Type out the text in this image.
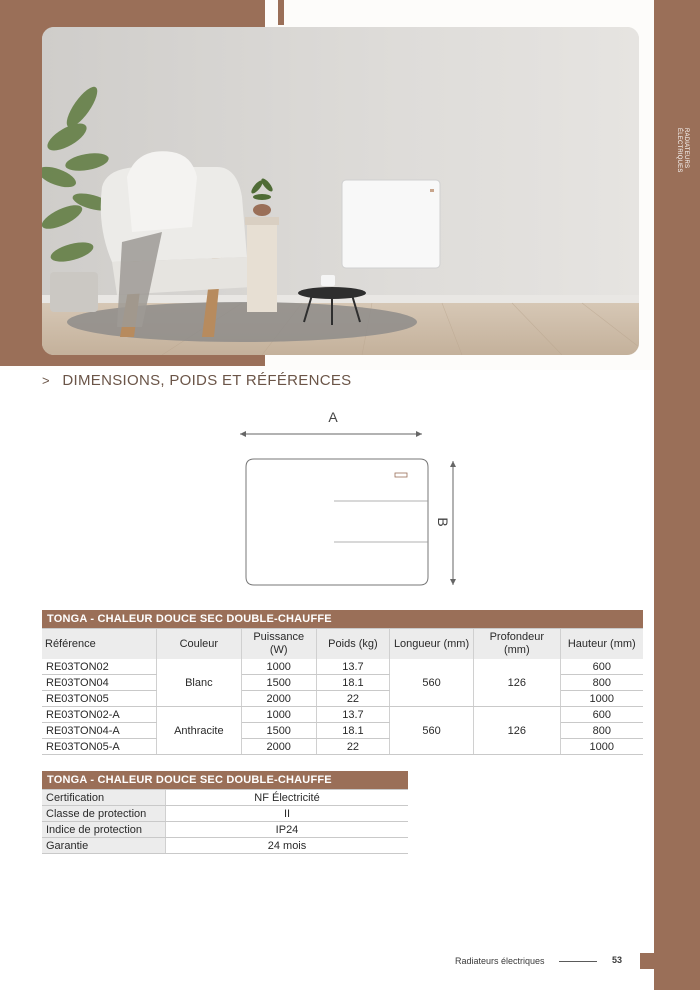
RADIATEURS ÉLECTRIQUES
> DIMENSIONS, POIDS ET RÉFÉRENCES
A
B
TONGA - CHALEUR DOUCE SEC DOUBLE-CHAUFFE						
Référence	Couleur	Puissance (W)	Poids (kg)	Longueur (mm)	Profondeur (mm)	Hauteur (mm)
RE03TON02	Blanc	1000	13.7	560	126	600
RE03TON04		1500	18.1			800
RE03TON05		2000	22			1000
RE03TON02-A	Anthracite	1000	13.7	560	126	600
RE03TON04-A		1500	18.1			800
RE03TON05-A		2000	22			1000
TONGA - CHALEUR DOUCE SEC DOUBLE-CHAUFFE	
Certification	NF Électricité
Classe de protection	II
Indice de protection	IP24
Garantie	24 mois
Radiateurs électriques	53
